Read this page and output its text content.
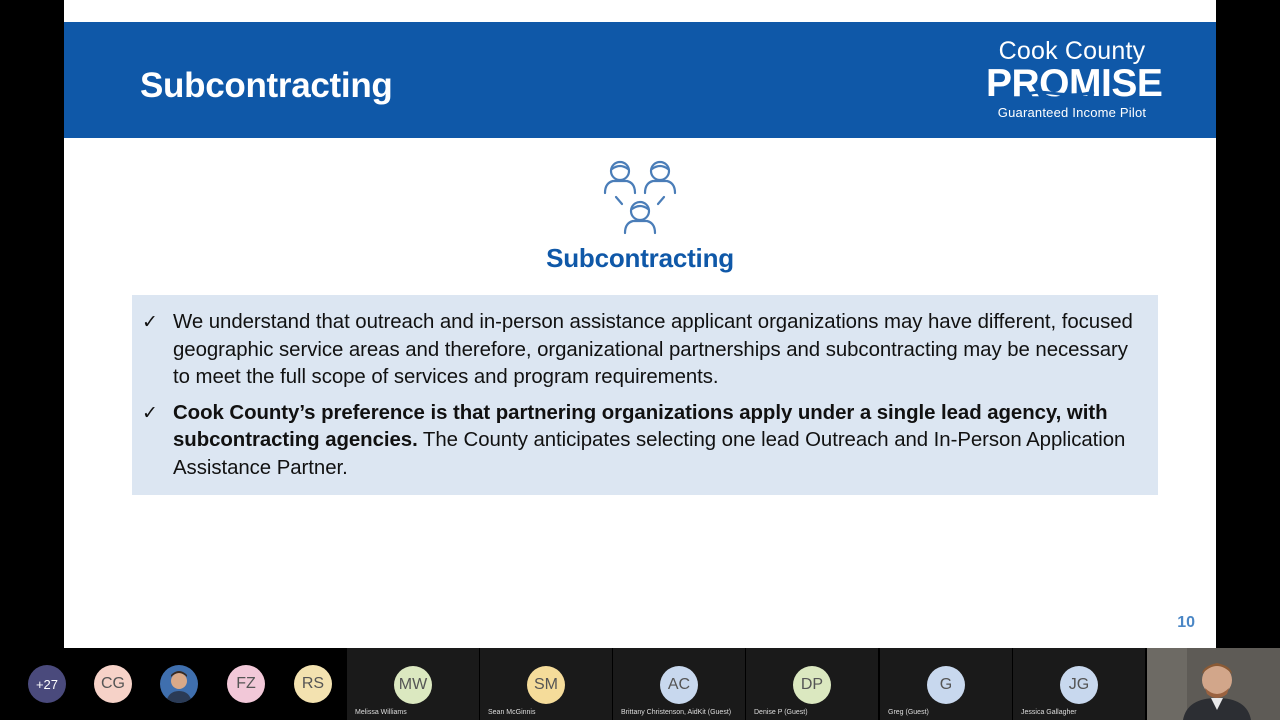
Subcontracting
Cook County
PROMISE
Guaranteed Income Pilot
Subcontracting
✓ We understand that outreach and in-person assistance applicant organizations may have different, focused geographic service areas and therefore, organizational partnerships and subcontracting may be necessary to meet the full scope of services and program requirements.
✓ Cook County’s preference is that partnering organizations apply under a single lead agency, with subcontracting agencies. The County anticipates selecting one lead Outreach and In-Person Application Assistance Partner.
10
+27	CG	FZ	RS	MW
Melissa Williams
SM
Sean McGinnis
AC
Brittany Christenson, AidKit (Guest)
DP
Denise P (Guest)
G
Greg (Guest)
JG
Jessica Gallagher
